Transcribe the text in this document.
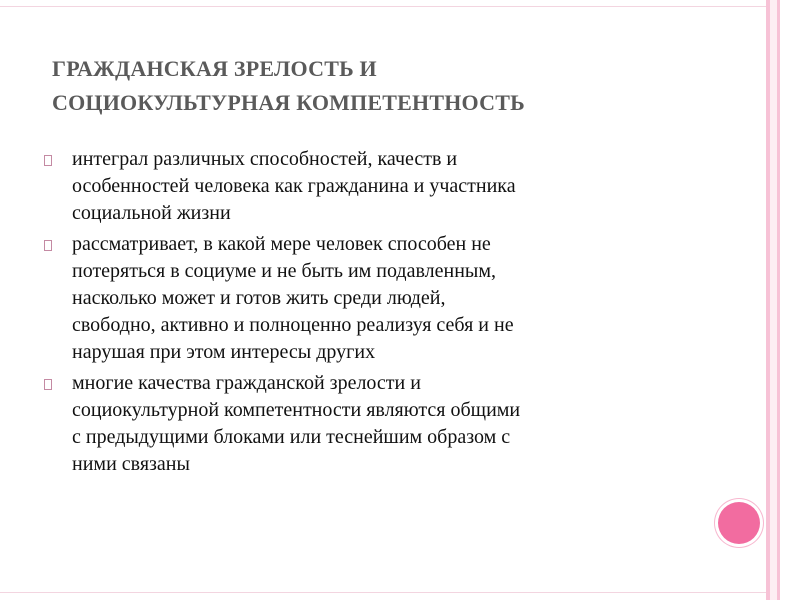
ГРАЖДАНСКАЯ ЗРЕЛОСТЬ И
СОЦИОКУЛЬТУРНАЯ КОМПЕТЕНТНОСТЬ
интеграл различных способностей, качеств и
особенностей человека как гражданина и участника
социальной жизни
рассматривает, в какой мере человек способен не
потеряться в социуме и не быть им подавленным,
насколько может и готов жить среди людей,
свободно, активно и полноценно реализуя себя и не
нарушая при этом интересы других
многие качества гражданской зрелости и
социокультурной компетентности являются общими
с предыдущими блоками или теснейшим образом с
ними связаны
